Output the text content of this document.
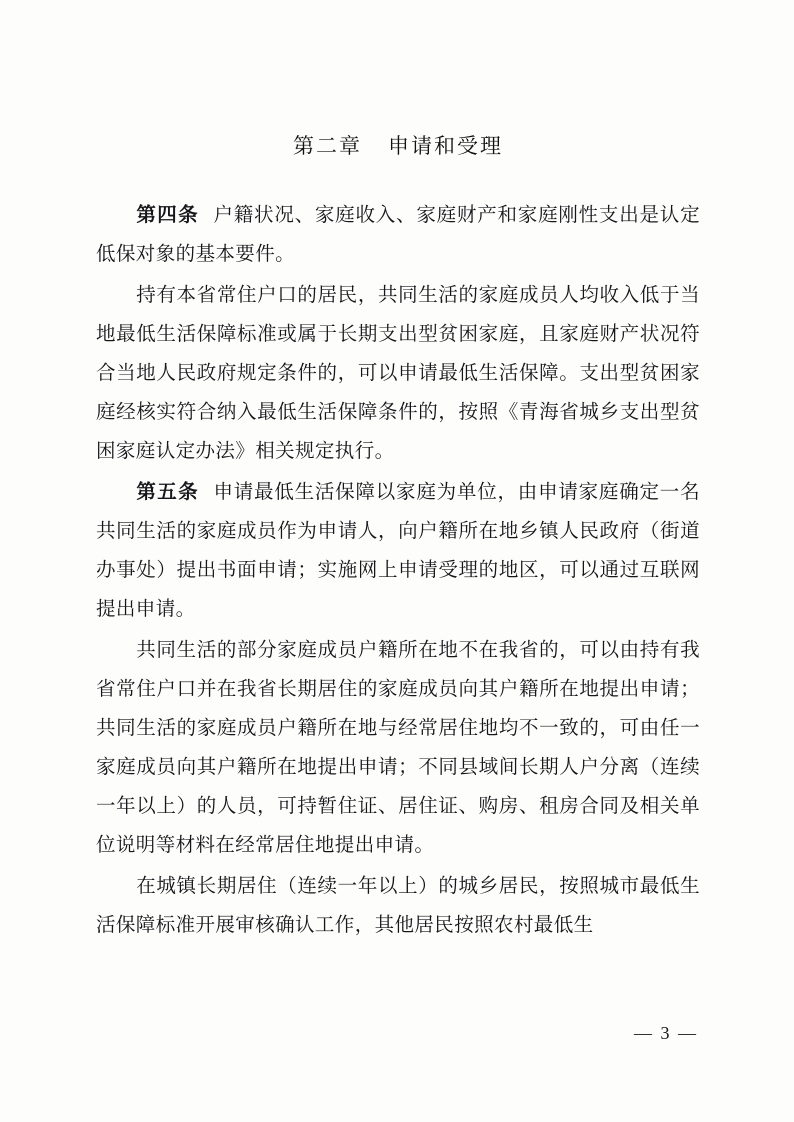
第二章 申请和受理

第四条 户籍状况、家庭收入、家庭财产和家庭刚性支出是认定低保对象的基本要件。

持有本省常住户口的居民，共同生活的家庭成员人均收入低于当地最低生活保障标准或属于长期支出型贫困家庭，且家庭财产状况符合当地人民政府规定条件的，可以申请最低生活保障。支出型贫困家庭经核实符合纳入最低生活保障条件的，按照《青海省城乡支出型贫困家庭认定办法》相关规定执行。

第五条 申请最低生活保障以家庭为单位，由申请家庭确定一名共同生活的家庭成员作为申请人，向户籍所在地乡镇人民政府（街道办事处）提出书面申请；实施网上申请受理的地区，可以通过互联网提出申请。

共同生活的部分家庭成员户籍所在地不在我省的，可以由持有我省常住户口并在我省长期居住的家庭成员向其户籍所在地提出申请；共同生活的家庭成员户籍所在地与经常居住地均不一致的，可由任一家庭成员向其户籍所在地提出申请；不同县域间长期人户分离（连续一年以上）的人员，可持暂住证、居住证、购房、租房合同及相关单位说明等材料在经常居住地提出申请。

在城镇长期居住（连续一年以上）的城乡居民，按照城市最低生活保障标准开展审核确认工作，其他居民按照农村最低生

— 3 —
